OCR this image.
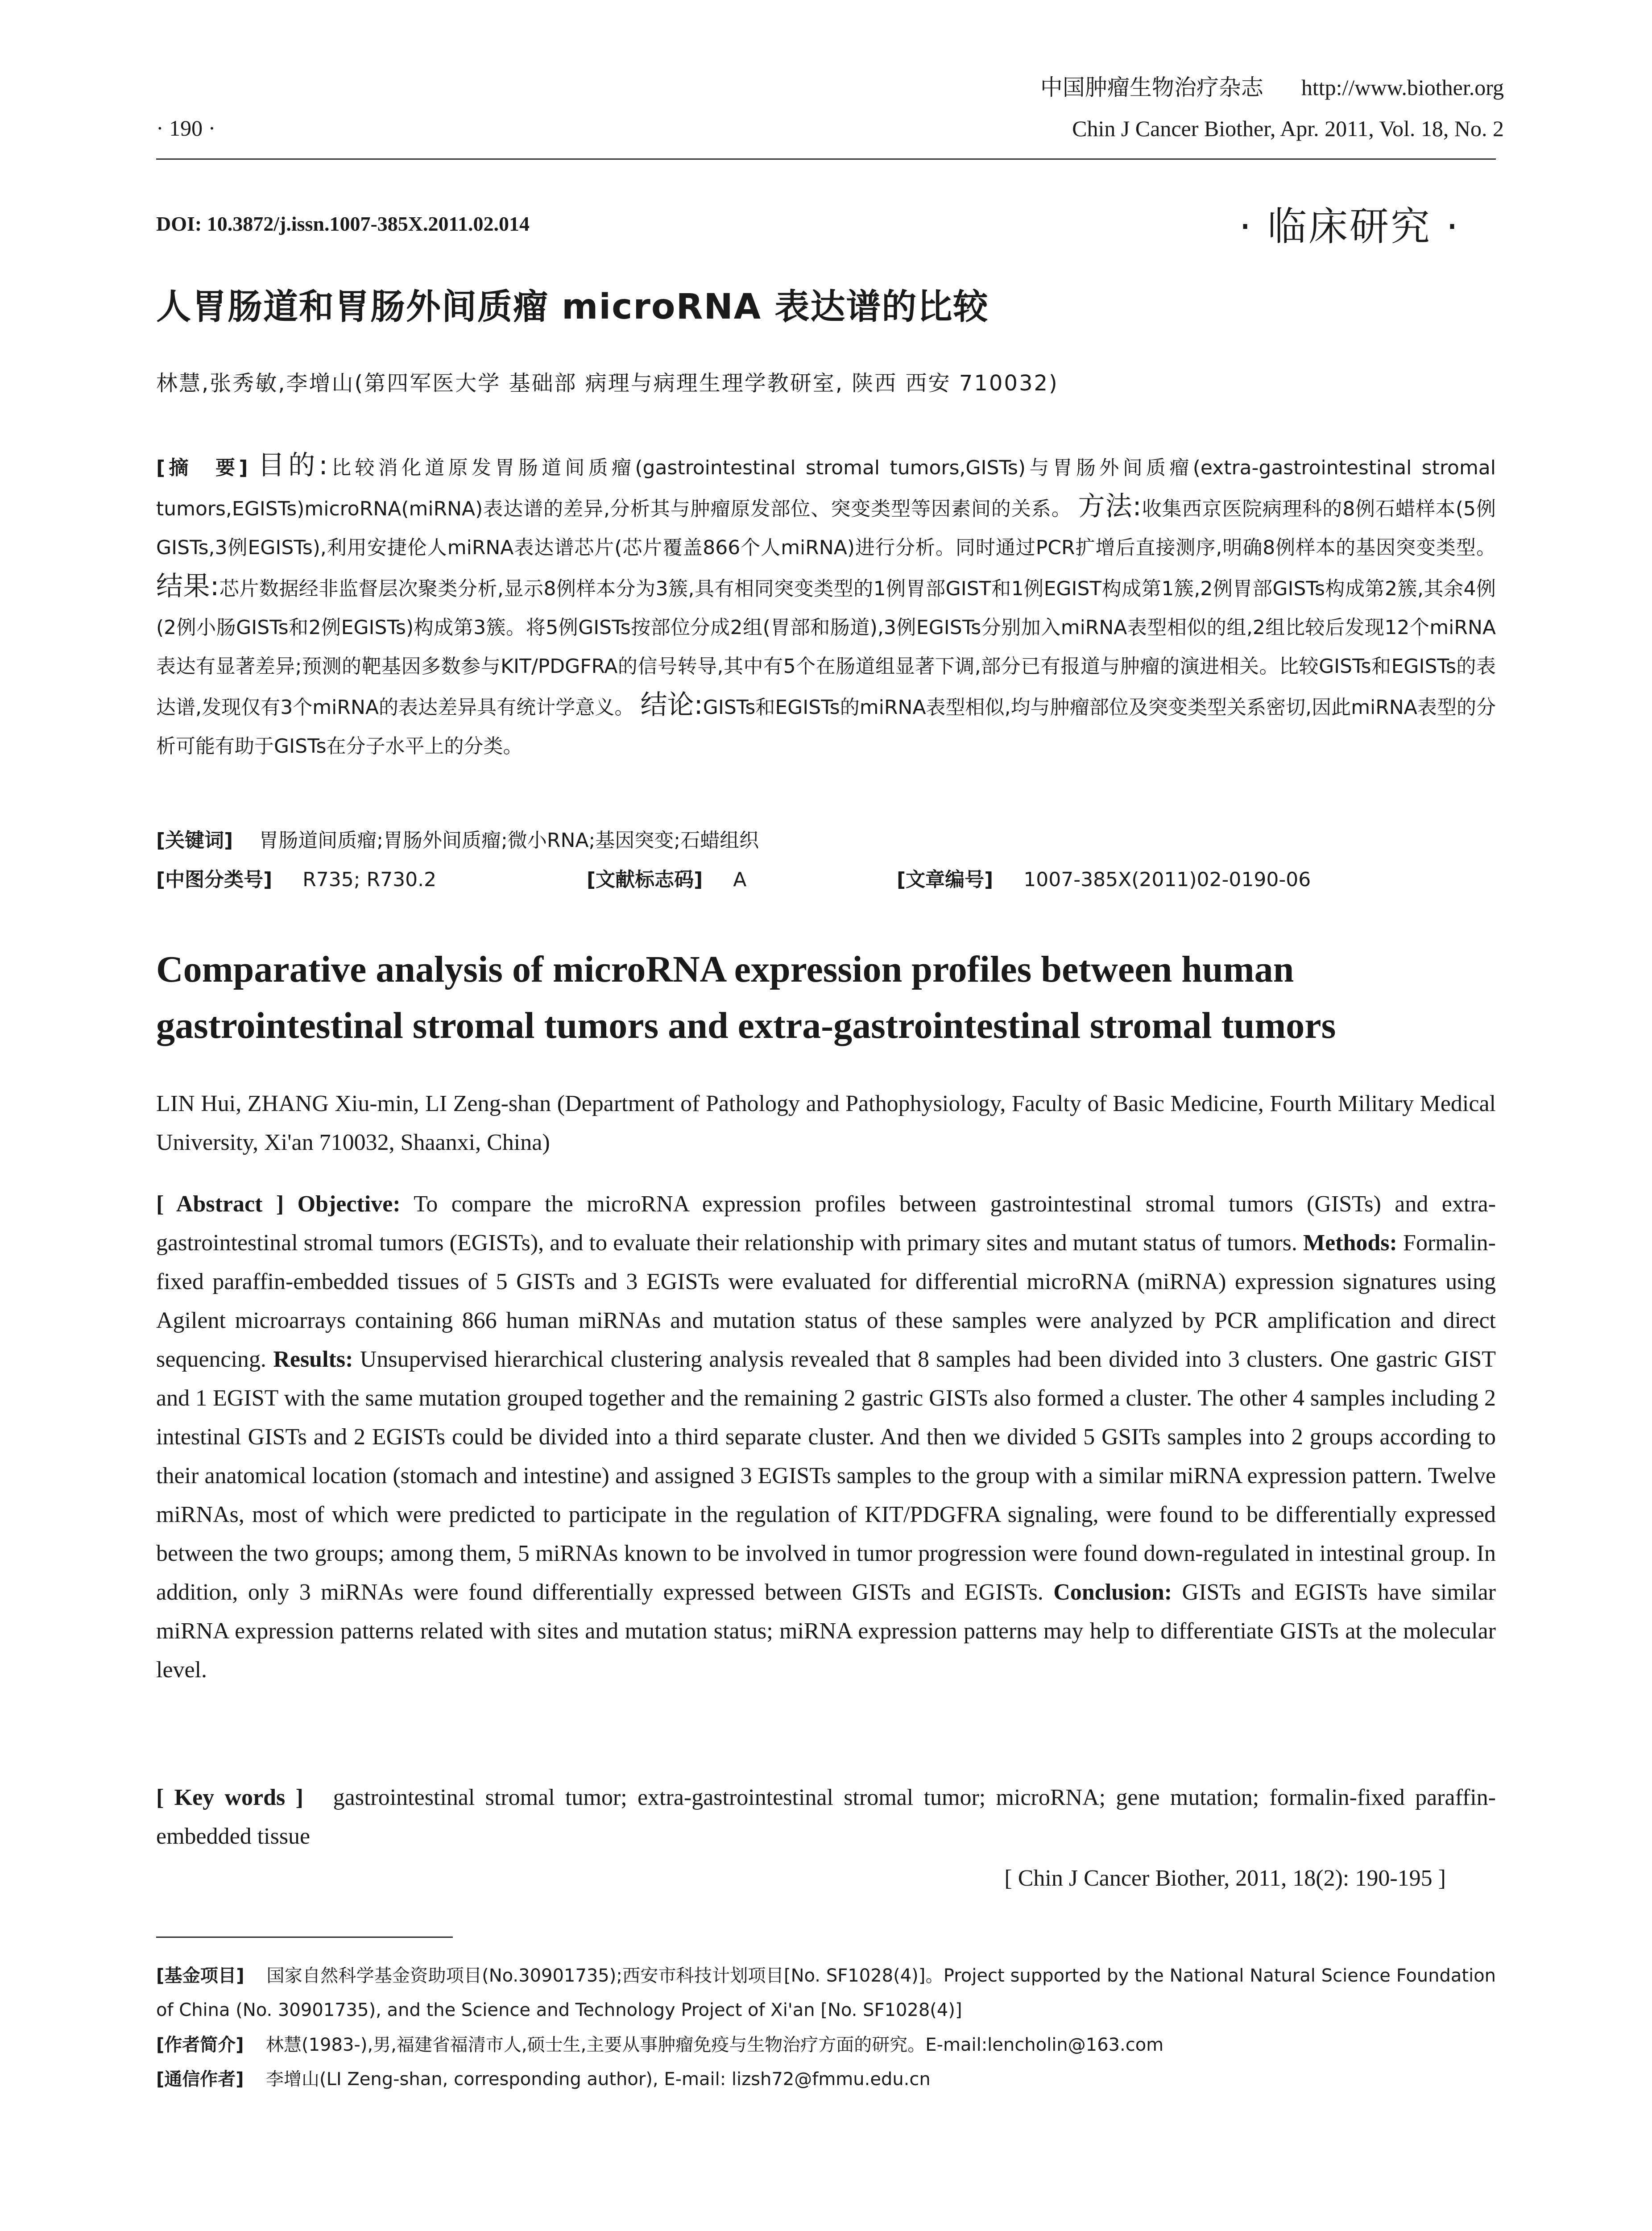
中国肿瘤生物治疗杂志 http://www.biother.org
Chin J Cancer Biother, Apr. 2011, Vol. 18, No. 2
· 190 ·
DOI: 10.3872/j.issn.1007-385X.2011.02.014	· 临床研究 ·
人胃肠道和胃肠外间质瘤 microRNA 表达谱的比较
林慧,张秀敏,李增山(第四军医大学 基础部 病理与病理生理学教研室, 陕西 西安 710032)
[摘　要] 目的:比较消化道原发胃肠道间质瘤(gastrointestinal stromal tumors,GISTs)与胃肠外间质瘤(extra-gastrointestinal stromal tumors,EGISTs)microRNA(miRNA)表达谱的差异,分析其与肿瘤原发部位、突变类型等因素间的关系。 方法:收集西京医院病理科的8例石蜡样本(5例GISTs,3例EGISTs),利用安捷伦人miRNA表达谱芯片(芯片覆盖866个人miRNA)进行分析。同时通过PCR扩增后直接测序,明确8例样本的基因突变类型。 结果:芯片数据经非监督层次聚类分析,显示8例样本分为3簇,具有相同突变类型的1例胃部GIST和1例EGIST构成第1簇,2例胃部GISTs构成第2簇,其余4例(2例小肠GISTs和2例EGISTs)构成第3簇。将5例GISTs按部位分成2组(胃部和肠道),3例EGISTs分别加入miRNA表型相似的组,2组比较后发现12个miRNA表达有显著差异;预测的靶基因多数参与KIT/PDGFRA的信号转导,其中有5个在肠道组显著下调,部分已有报道与肿瘤的演进相关。比较GISTs和EGISTs的表达谱,发现仅有3个miRNA的表达差异具有统计学意义。 结论:GISTs和EGISTs的miRNA表型相似,均与肿瘤部位及突变类型关系密切,因此miRNA表型的分析可能有助于GISTs在分子水平上的分类。
[关键词] 胃肠道间质瘤;胃肠外间质瘤;微小RNA;基因突变;石蜡组织
[中图分类号] R735; R730.2	[文献标志码] A	[文章编号] 1007-385X(2011)02-0190-06
Comparative analysis of microRNA expression profiles between human gastrointestinal stromal tumors and extra-gastrointestinal stromal tumors
LIN Hui, ZHANG Xiu-min, LI Zeng-shan (Department of Pathology and Pathophysiology, Faculty of Basic Medicine, Fourth Military Medical University, Xi'an 710032, Shaanxi, China)
[ Abstract ] Objective: To compare the microRNA expression profiles between gastrointestinal stromal tumors (GISTs) and extra-gastrointestinal stromal tumors (EGISTs), and to evaluate their relationship with primary sites and mutant status of tumors. Methods: Formalin-fixed paraffin-embedded tissues of 5 GISTs and 3 EGISTs were evaluated for differential microRNA (miRNA) expression signatures using Agilent microarrays containing 866 human miRNAs and mutation status of these samples were analyzed by PCR amplification and direct sequencing. Results: Unsupervised hierarchical clustering analysis revealed that 8 samples had been divided into 3 clusters. One gastric GIST and 1 EGIST with the same mutation grouped together and the remaining 2 gastric GISTs also formed a cluster. The other 4 samples including 2 intestinal GISTs and 2 EGISTs could be divided into a third separate cluster. And then we divided 5 GSITs samples into 2 groups according to their anatomical location (stomach and intestine) and assigned 3 EGISTs samples to the group with a similar miRNA expression pattern. Twelve miRNAs, most of which were predicted to participate in the regulation of KIT/PDGFRA signaling, were found to be differentially expressed between the two groups; among them, 5 miRNAs known to be involved in tumor progression were found down-regulated in intestinal group. In addition, only 3 miRNAs were found differentially expressed between GISTs and EGISTs. Conclusion: GISTs and EGISTs have similar miRNA expression patterns related with sites and mutation status; miRNA expression patterns may help to differentiate GISTs at the molecular level.
[ Key words ] gastrointestinal stromal tumor; extra-gastrointestinal stromal tumor; microRNA; gene mutation; formalin-fixed paraffin-embedded tissue
[ Chin J Cancer Biother, 2011, 18(2): 190-195 ]
[基金项目] 国家自然科学基金资助项目(No.30901735);西安市科技计划项目[No. SF1028(4)]。Project supported by the National Natural Science Foundation of China (No. 30901735), and the Science and Technology Project of Xi'an [No. SF1028(4)]
[作者简介] 林慧(1983-),男,福建省福清市人,硕士生,主要从事肿瘤免疫与生物治疗方面的研究。E-mail:lencholin@163.com
[通信作者] 李增山(LI Zeng-shan, corresponding author), E-mail: lizsh72@fmmu.edu.cn
